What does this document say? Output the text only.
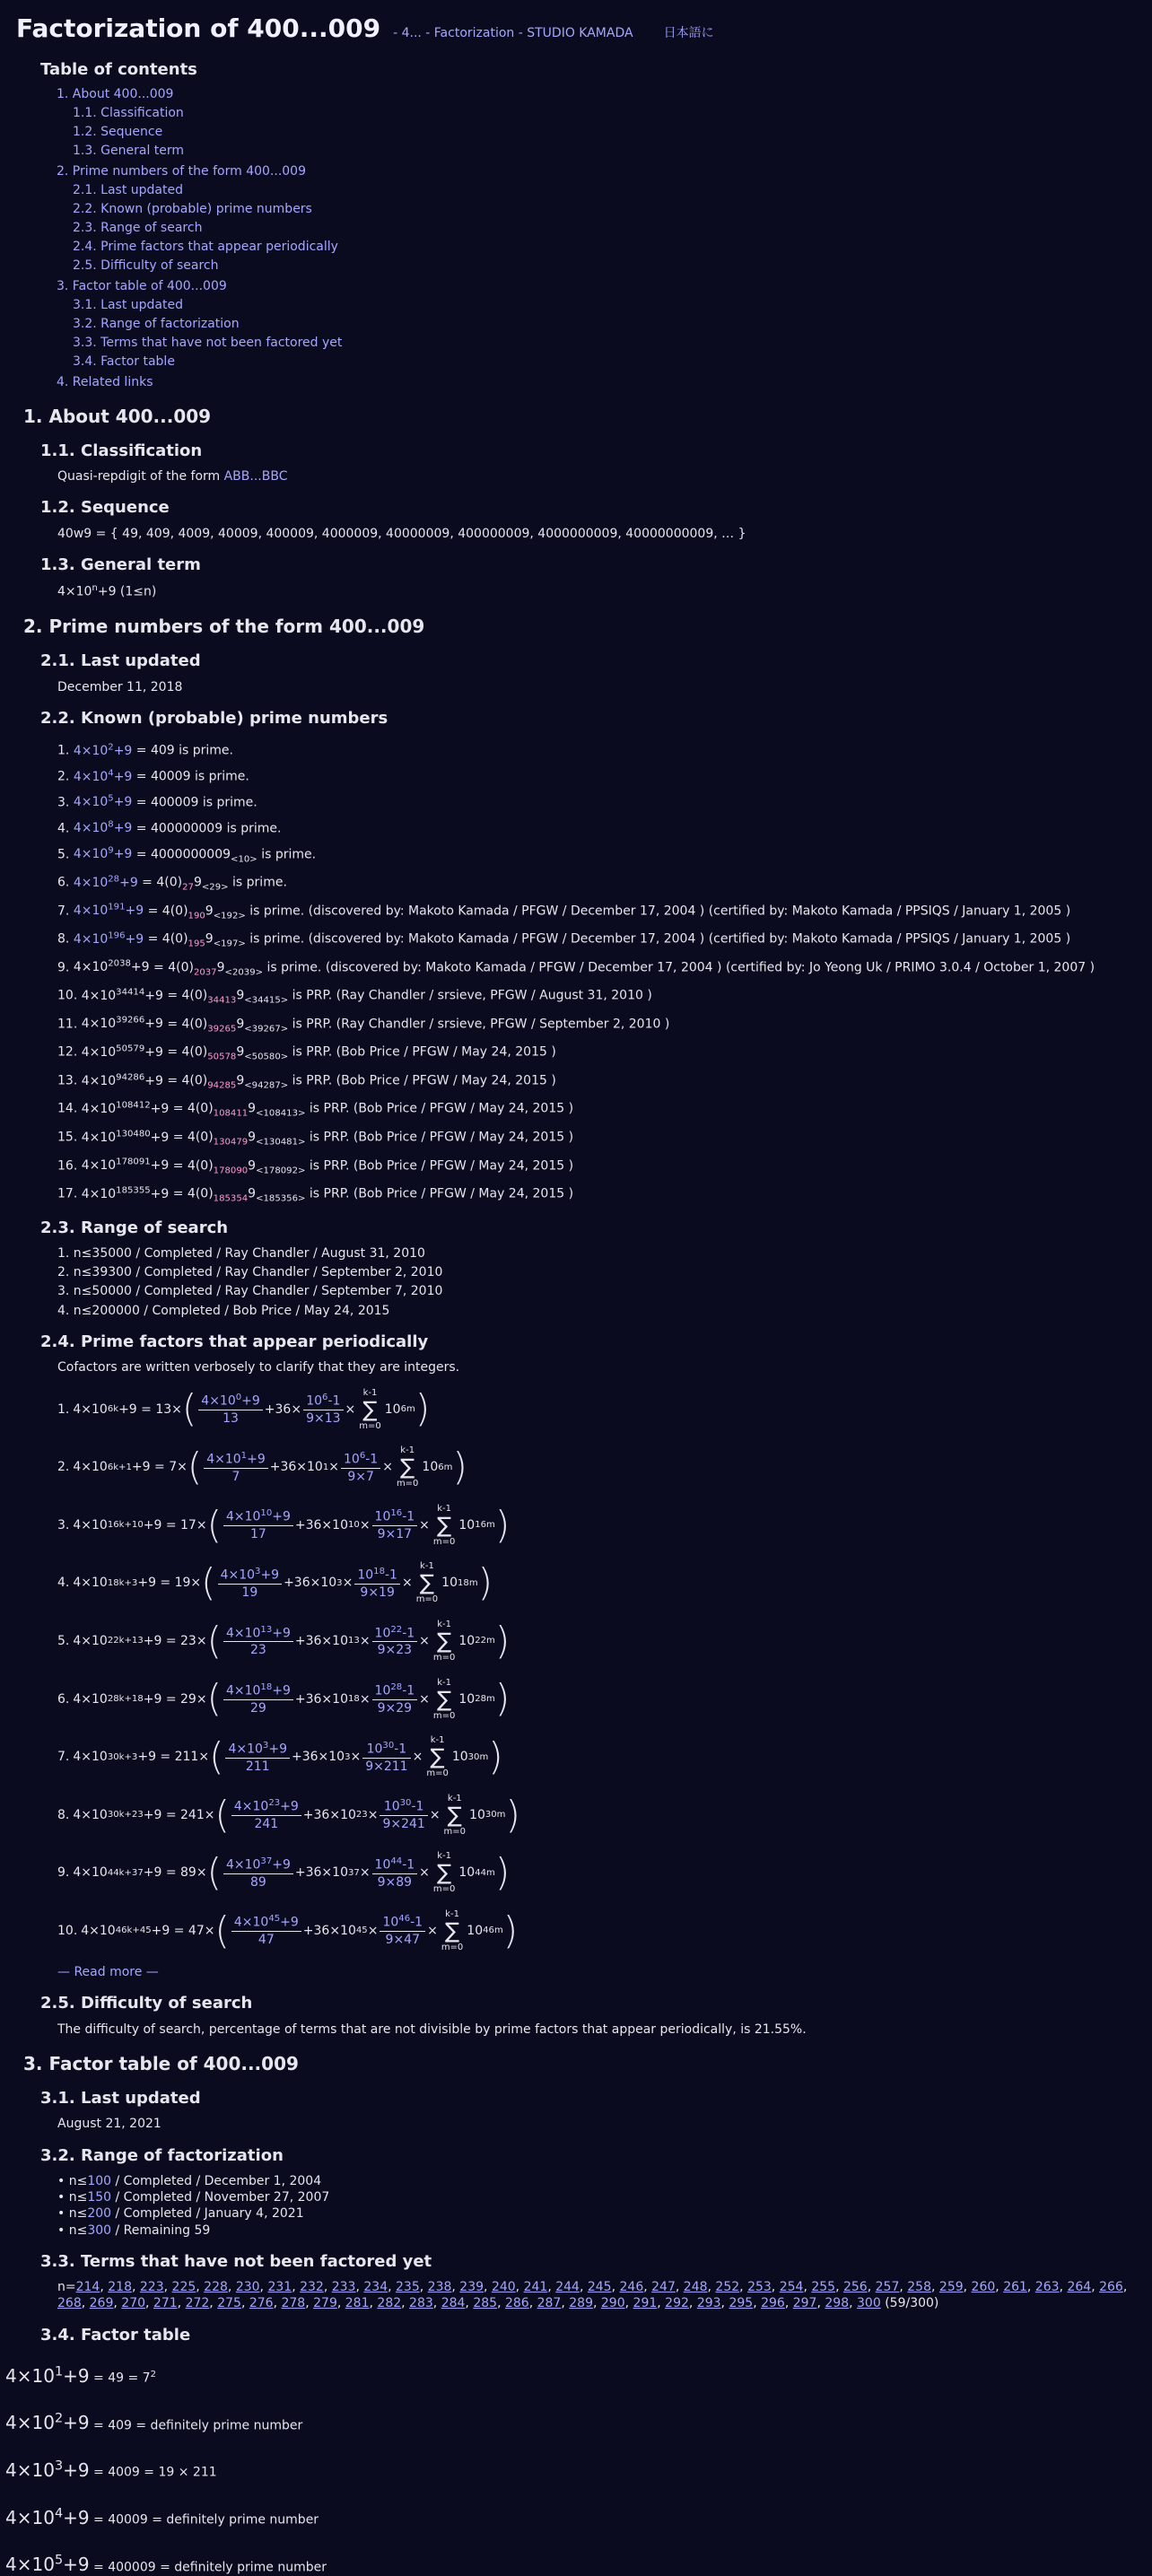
Factorization of 400...009 - 4... - Factorization - STUDIO KAMADA 日本語に
Table of contents
1. About 400...009
1.1. Classification
1.2. Sequence
1.3. General term
2. Prime numbers of the form 400...009
2.1. Last updated
2.2. Known (probable) prime numbers
2.3. Range of search
2.4. Prime factors that appear periodically
2.5. Difficulty of search
3. Factor table of 400...009
3.1. Last updated
3.2. Range of factorization
3.3. Terms that have not been factored yet
3.4. Factor table
4. Related links
1. About 400...009
1.1. Classification
Quasi-repdigit of the form ABB...BBC
1.2. Sequence
40w9 = { 49, 409, 4009, 40009, 400009, 4000009, 40000009, 400000009, 4000000009, 40000000009, … }
1.3. General term
$4\times 10^n+9$ (1≤n)
2. Prime numbers of the form 400...009
2.1. Last updated
December 11, 2018
2.2. Known (probable) prime numbers
1. $4\times 10^2+9 = 409$ is prime.
2. $4\times 10^4+9 = 40009$ is prime.
3. $4\times 10^5+9 = 400009$ is prime.
4. $4\times 10^8+9 = 400000009$ is prime.
5. $4\times 10^9+9 = 4000000009_{<10>}$ is prime.
6. $4\times 10^{28}+9 = 4(0)_{27}9_{<29>}$ is prime.
7. $4\times 10^{191}+9 = 4(0)_{190}9_{<192>}$ is prime. (discovered by: Makoto Kamada / PFGW / December 17, 2004 ) (certified by: Makoto Kamada / PPSIQS / January 1, 2005 )
8. $4\times 10^{196}+9 = 4(0)_{195}9_{<197>}$ is prime. (discovered by: Makoto Kamada / PFGW / December 17, 2004 ) (certified by: Makoto Kamada / PPSIQS / January 1, 2005 )
9. $4\times 10^{2038}+9 = 4(0)_{2037}9_{<2039>}$ is prime. (discovered by: Makoto Kamada / PFGW / December 17, 2004 ) (certified by: Jo Yeong Uk / PRIMO 3.0.4 / October 1, 2007 )
10. $4\times 10^{34414}+9 = 4(0)_{34413}9_{<34415>}$ is PRP. (Ray Chandler / srsieve, PFGW / August 31, 2010 )
11. $4\times 10^{39266}+9 = 4(0)_{39265}9_{<39267>}$ is PRP. (Ray Chandler / srsieve, PFGW / September 2, 2010 )
12. $4\times 10^{50579}+9 = 4(0)_{50578}9_{<50580>}$ is PRP. (Bob Price / PFGW / May 24, 2015 )
13. $4\times 10^{94286}+9 = 4(0)_{94285}9_{<94287>}$ is PRP. (Bob Price / PFGW / May 24, 2015 )
14. $4\times 10^{108412}+9 = 4(0)_{108411}9_{<108413>}$ is PRP. (Bob Price / PFGW / May 24, 2015 )
15. $4\times 10^{130480}+9 = 4(0)_{130479}9_{<130481>}$ is PRP. (Bob Price / PFGW / May 24, 2015 )
16. $4\times 10^{178091}+9 = 4(0)_{178090}9_{<178092>}$ is PRP. (Bob Price / PFGW / May 24, 2015 )
17. $4\times 10^{185355}+9 = 4(0)_{185354}9_{<185356>}$ is PRP. (Bob Price / PFGW / May 24, 2015 )
2.3. Range of search
1. n≤35000 / Completed / Ray Chandler / August 31, 2010
2. n≤39300 / Completed / Ray Chandler / September 2, 2010
3. n≤50000 / Completed / Ray Chandler / September 7, 2010
4. n≤200000 / Completed / Bob Price / May 24, 2015
2.4. Prime factors that appear periodically
Cofactors are written verbosely to clarify that they are integers.
1. 4×10 6k +9 = 13× ( $\frac{4\times 10^0+9}{13} +36\times \frac{10^6-1}{9\times 13}$ ×
k-1
∑
m=0
10 6m )
2. 4×10 6k+1 +9 = 7× ( $\frac{4\times 10^1+9}{7} +36\times 10$ $1 \times \frac{10^6-1}{9\times 7}$ ×
k-1
∑
m=0
10 6m )
3. 4×10 16k+10 +9 = 17× ( $\frac{4\times 10^{10}+9}{17} +36\times 10$ $10 \times \frac{10^{16}-1}{9\times 17}$ ×
k-1
∑
m=0
10 16m )
4. 4×10 18k+3 +9 = 19× ( $\frac{4\times 10^3+9}{19} +36\times 10$ $3 \times \frac{10^{18}-1}{9\times 19}$ ×
k-1
∑
m=0
10 18m )
5. 4×10 22k+13 +9 = 23× ( $\frac{4\times 10^{13}+9}{23} +36\times 10$ $13 \times \frac{10^{22}-1}{9\times 23}$ ×
k-1
∑
m=0
10 22m )
6. 4×10 28k+18 +9 = 29× ( $\frac{4\times 10^{18}+9}{29} +36\times 10$ $18 \times \frac{10^{28}-1}{9\times 29}$ ×
k-1
∑
m=0
10 28m )
7. 4×10 30k+3 +9 = 211× ( $\frac{4\times 10^3+9}{211} +36\times 10$ $3 \times \frac{10^{30}-1}{9\times 211}$ ×
k-1
∑
m=0
10 30m )
8. 4×10 30k+23 +9 = 241× ( $\frac{4\times 10^{23}+9}{241} +36\times 10$ $23 \times \frac{10^{30}-1}{9\times 241}$ ×
k-1
∑
m=0
10 30m )
9. 4×10 44k+37 +9 = 89× ( $\frac{4\times 10^{37}+9}{89} +36\times 10$ $37 \times \frac{10^{44}-1}{9\times 89}$ ×
k-1
∑
m=0
10 44m )
10. 4×10 46k+45 +9 = 47× ( $\frac{4\times 10^{45}+9}{47} +36\times 10$ $45 \times \frac{10^{46}-1}{9\times 47}$ ×
k-1
∑
m=0
10 46m )
— Read more —
2.5. Difficulty of search
The difficulty of search, percentage of terms that are not divisible by prime factors that appear periodically, is 21.55%.
3. Factor table of 400...009
3.1. Last updated
August 21, 2021
3.2. Range of factorization
• n≤100 / Completed / December 1, 2004
• n≤150 / Completed / November 27, 2007
• n≤200 / Completed / January 4, 2021
• n≤300 / Remaining 59
3.3. Terms that have not been factored yet
n=214, 218, 223, 225, 228, 230, 231, 232, 233, 234, 235, 238, 239, 240, 241, 244, 245, 246, 247, 248, 252, 253, 254, 255, 256, 257, 258, 259, 260, 261, 263, 264, 266, 268, 269, 270, 271, 272, 275, 276, 278, 279, 281, 282, 283, 284, 285, 286, 287, 289, 290, 291, 292, 293, 295, 296, 297, 298, 300 (59/300)
3.4. Factor table
$4\times 10^1+9 = 49 = 7^2$
$4\times 10^2+9 = 409$ = definitely prime number
$4\times 10^3+9 = 4009 = 19 \times 211$
$4\times 10^4+9 = 40009$ = definitely prime number
$4\times 10^5+9 = 400009$ = definitely prime number
